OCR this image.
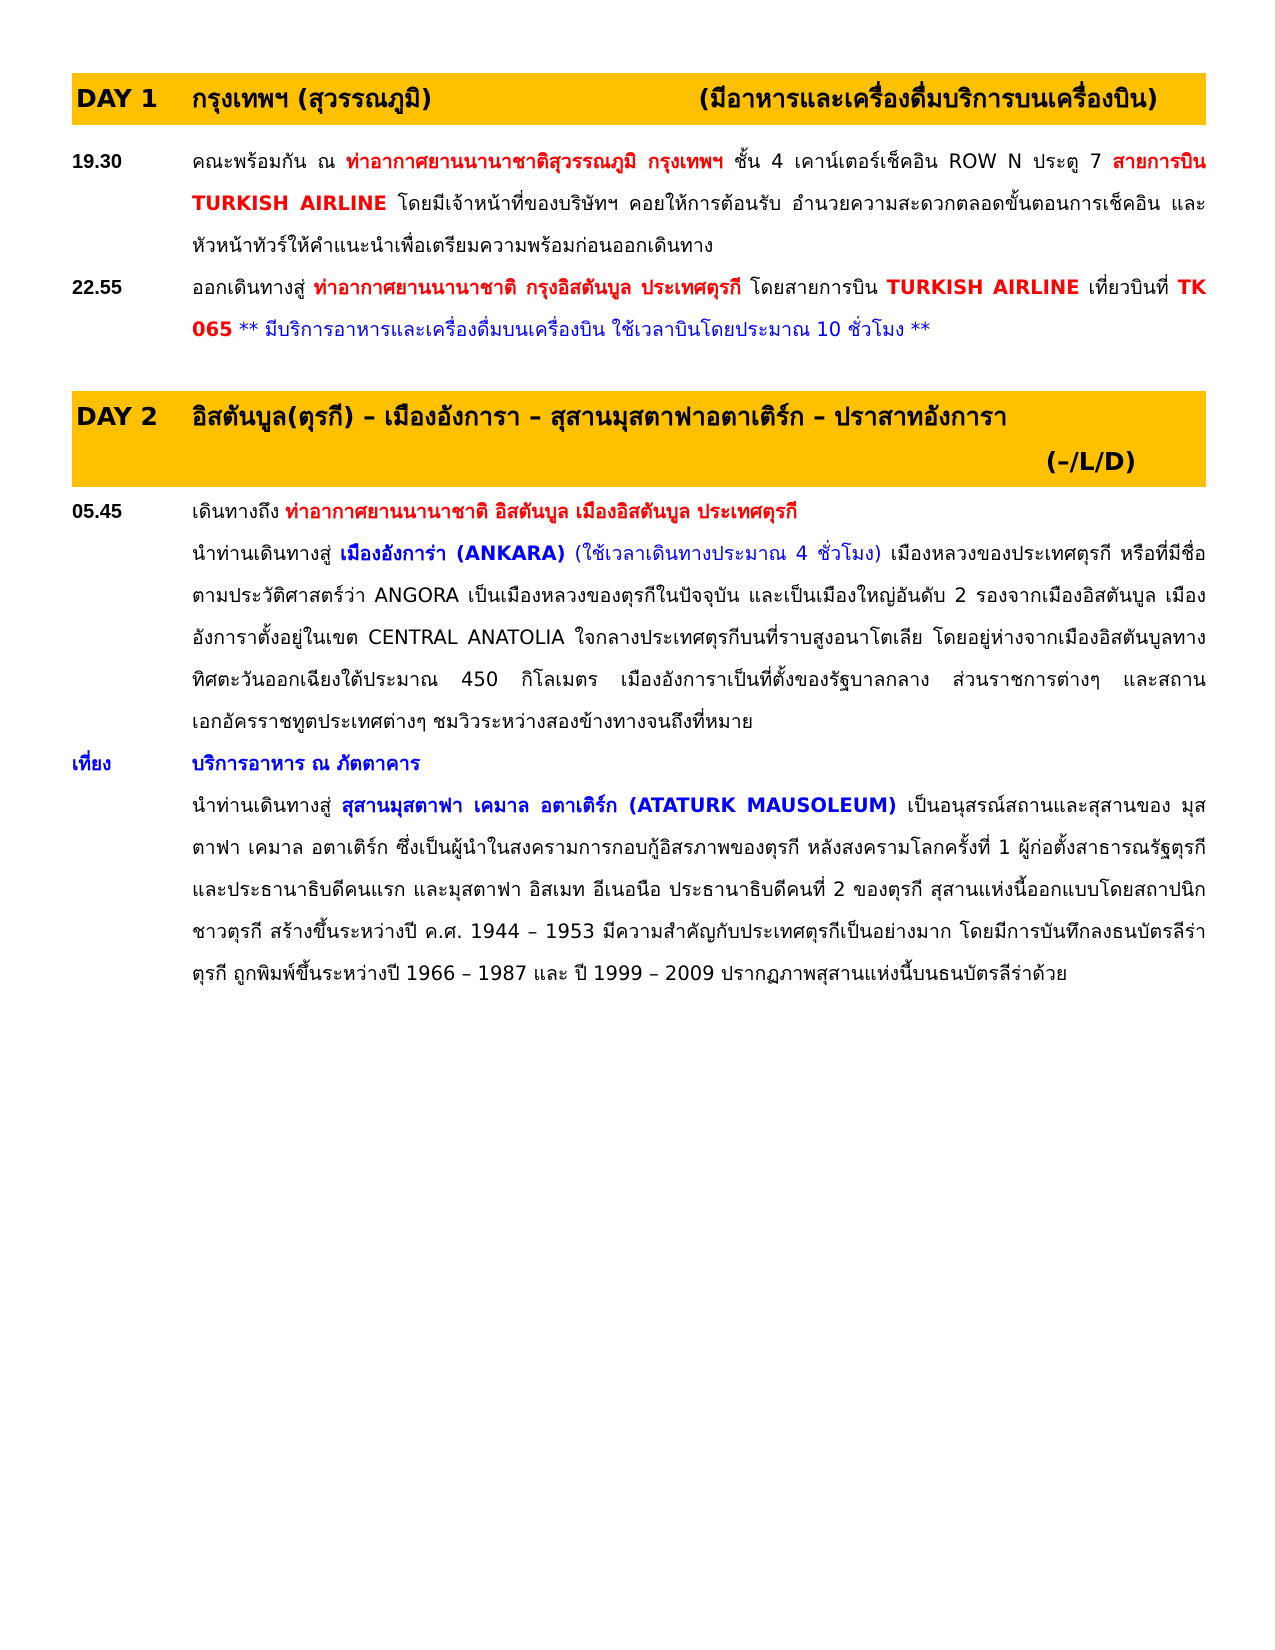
DAY 1	กรุงเทพฯ (สุวรรณภูมิ)	(มีอาหารและเครื่องดื่มบริการบนเครื่องบิน)
19.30	คณะพร้อมกัน ณ ท่าอากาศยานนานาชาติสุวรรณภูมิ กรุงเทพฯ ชั้น 4 เคาน์เตอร์เช็คอิน ROW N ประตู 7 สายการบิน TURKISH AIRLINE โดยมีเจ้าหน้าที่ของบริษัทฯ คอยให้การต้อนรับ อำนวยความสะดวกตลอดขั้นตอนการเช็คอิน และ หัวหน้าทัวร์ให้คำแนะนำเพื่อเตรียมความพร้อมก่อนออกเดินทาง
22.55	ออกเดินทางสู่ ท่าอากาศยานนานาชาติ กรุงอิสตันบูล ประเทศตุรกี โดยสายการบิน TURKISH AIRLINE เที่ยวบินที่ TK 065 ** มีบริการอาหารและเครื่องดื่มบนเครื่องบิน ใช้เวลาบินโดยประมาณ 10 ชั่วโมง **
DAY 2	อิสตันบูล(ตุรกี) – เมืองอังการา – สุสานมุสตาฟาอตาเติร์ก – ปราสาทอังการา
(–/L/D)
05.45	เดินทางถึง ท่าอากาศยานนานาชาติ อิสตันบูล เมืองอิสตันบูล ประเทศตุรกี
นำท่านเดินทางสู่ เมืองอังการ่า (ANKARA) (ใช้เวลาเดินทางประมาณ 4 ชั่วโมง) เมืองหลวงของประเทศตุรกี หรือที่มีชื่อตามประวัติศาสตร์ว่า ANGORA เป็นเมืองหลวงของตุรกีในปัจจุบัน และเป็นเมืองใหญ่อันดับ 2 รองจากเมืองอิสตันบูล เมืองอังการาตั้งอยู่ในเขต CENTRAL ANATOLIA ใจกลางประเทศตุรกีบนที่ราบสูงอนาโตเลีย โดยอยู่ห่างจากเมืองอิสตันบูลทางทิศตะวันออกเฉียงใต้ประมาณ 450 กิโลเมตร เมืองอังการาเป็นที่ตั้งของรัฐบาลกลาง ส่วนราชการต่างๆ และสถานเอกอัครราชทูตประเทศต่างๆ ชมวิวระหว่างสองข้างทางจนถึงที่หมาย
เที่ยง	บริการอาหาร ณ ภัตตาคาร
นำท่านเดินทางสู่ สุสานมุสตาฟา เคมาล อตาเติร์ก (ATATURK MAUSOLEUM) เป็นอนุสรณ์สถานและสุสานของ มุสตาฟา เคมาล อตาเติร์ก ซึ่งเป็นผู้นำในสงครามการกอบกู้อิสรภาพของตุรกี หลังสงครามโลกครั้งที่ 1 ผู้ก่อตั้งสาธารณรัฐตุรกีและประธานาธิบดีคนแรก และมุสตาฟา อิสเมท อีเนอนือ ประธานาธิบดีคนที่ 2 ของตุรกี สุสานแห่งนี้ออกแบบโดยสถาปนิกชาวตุรกี สร้างขึ้นระหว่างปี ค.ศ. 1944 – 1953 มีความสำคัญกับประเทศตุรกีเป็นอย่างมาก โดยมีการบันทึกลงธนบัตรลีร่าตุรกี ถูกพิมพ์ขึ้นระหว่างปี 1966 – 1987 และ ปี 1999 – 2009 ปรากฏภาพสุสานแห่งนี้บนธนบัตรลีร่าด้วย
